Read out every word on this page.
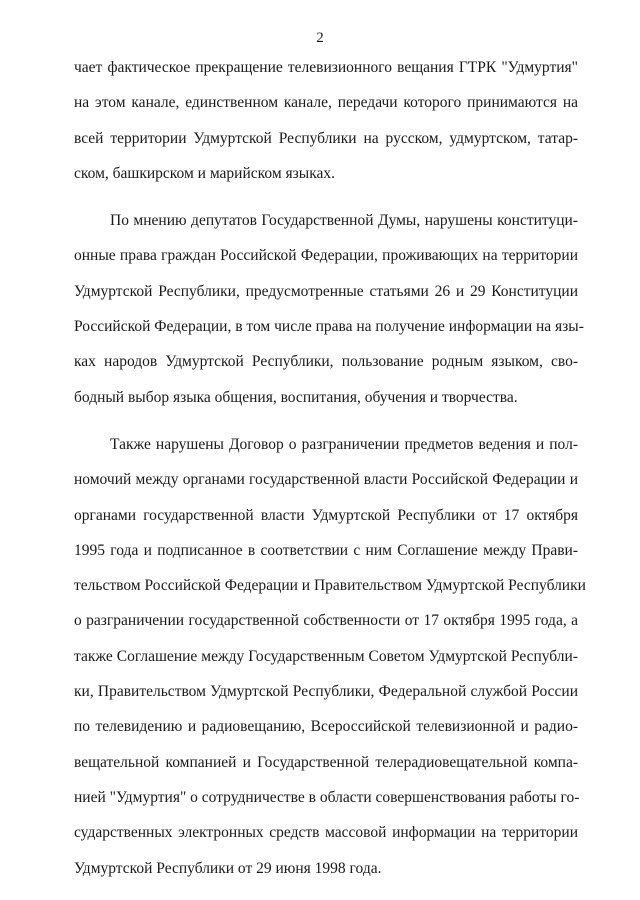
2
чает фактическое прекращение телевизионного вещания ГТРК "Удмуртия"
на этом канале, единственном канале, передачи которого принимаются на
всей территории Удмуртской Республики на русском, удмуртском, татар-
ском, башкирском и марийском языках.
По мнению депутатов Государственной Думы, нарушены конституци-
онные права граждан Российской Федерации, проживающих на территории
Удмуртской Республики, предусмотренные статьями 26 и 29 Конституции
Российской Федерации, в том числе права на получение информации на язы-
ках народов Удмуртской Республики, пользование родным языком, сво-
бодный выбор языка общения, воспитания, обучения и творчества.
Также нарушены Договор о разграничении предметов ведения и пол-
номочий между органами государственной власти Российской Федерации и
органами государственной власти Удмуртской Республики от 17 октября
1995 года и подписанное в соответствии с ним Соглашение между Прави-
тельством Российской Федерации и Правительством Удмуртской Республики
о разграничении государственной собственности от 17 октября 1995 года, а
также Соглашение между Государственным Советом Удмуртской Республи-
ки, Правительством Удмуртской Республики, Федеральной службой России
по телевидению и радиовещанию, Всероссийской телевизионной и радио-
вещательной компанией и Государственной телерадиовещательной компа-
нией "Удмуртия" о сотрудничестве в области совершенствования работы го-
сударственных электронных средств массовой информации на территории
Удмуртской Республики от 29 июня 1998 года.
